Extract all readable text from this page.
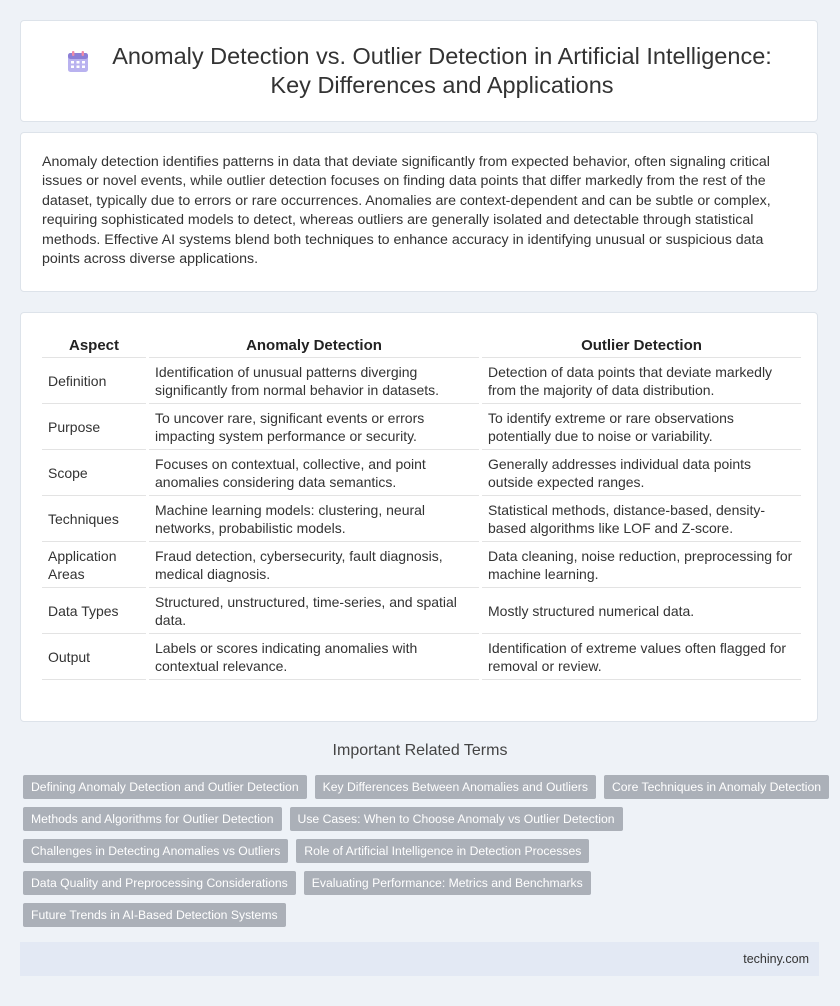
Anomaly Detection vs. Outlier Detection in Artificial Intelligence:
Key Differences and Applications

Anomaly detection identifies patterns in data that deviate significantly from expected behavior, often signaling critical issues or novel events, while outlier detection focuses on finding data points that differ markedly from the rest of the dataset, typically due to errors or rare occurrences. Anomalies are context-dependent and can be subtle or complex, requiring sophisticated models to detect, whereas outliers are generally isolated and detectable through statistical methods. Effective AI systems blend both techniques to enhance accuracy in identifying unusual or suspicious data points across diverse applications.

Aspect		Anomaly Detection		Outlier Detection
Definition		Identification of unusual patterns diverging significantly from normal behavior in datasets.		Detection of data points that deviate markedly from the majority of data distribution.
Purpose		To uncover rare, significant events or errors impacting system performance or security.		To identify extreme or rare observations potentially due to noise or variability.
Scope		Focuses on contextual, collective, and point anomalies considering data semantics.		Generally addresses individual data points outside expected ranges.
Techniques		Machine learning models: clustering, neural networks, probabilistic models.		Statistical methods, distance-based, density-based algorithms like LOF and Z-score.
Application Areas		Fraud detection, cybersecurity, fault diagnosis, medical diagnosis.		Data cleaning, noise reduction, preprocessing for machine learning.
Data Types		Structured, unstructured, time-series, and spatial data.		Mostly structured numerical data.
Output		Labels or scores indicating anomalies with contextual relevance.		Identification of extreme values often flagged for removal or review.
Important Related Terms
Defining Anomaly Detection and Outlier Detection	Key Differences Between Anomalies and Outliers	Core Techniques in Anomaly Detection
Methods and Algorithms for Outlier Detection	Use Cases: When to Choose Anomaly vs Outlier Detection
Challenges in Detecting Anomalies vs Outliers	Role of Artificial Intelligence in Detection Processes
Data Quality and Preprocessing Considerations	Evaluating Performance: Metrics and Benchmarks
Future Trends in AI-Based Detection Systems
techiny.com
